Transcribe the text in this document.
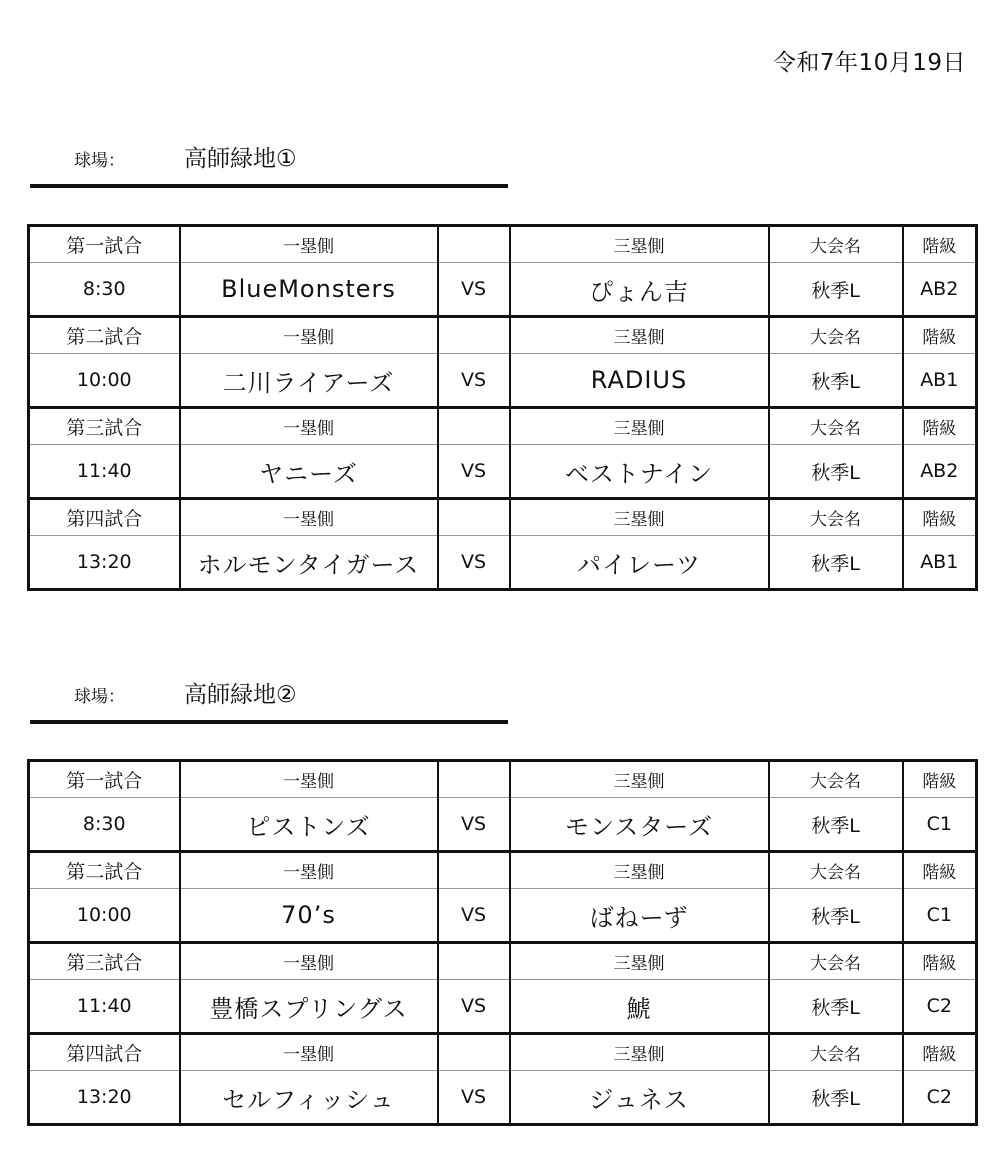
令和7年10月19日
球場：	高師緑地①
第一試合	一塁側		三塁側	大会名	階級
8:30	BlueMonsters	VS	ぴょん吉	秋季L	AB2
第二試合	一塁側		三塁側	大会名	階級
10:00	二川ライアーズ	VS	RADIUS	秋季L	AB1
第三試合	一塁側		三塁側	大会名	階級
11:40	ヤニーズ	VS	ベストナイン	秋季L	AB2
第四試合	一塁側		三塁側	大会名	階級
13:20	ホルモンタイガース	VS	パイレーツ	秋季L	AB1
球場：	高師緑地②
第一試合	一塁側		三塁側	大会名	階級
8:30	ピストンズ	VS	モンスターズ	秋季L	C1
第二試合	一塁側		三塁側	大会名	階級
10:00	70’s	VS	ばねーず	秋季L	C1
第三試合	一塁側		三塁側	大会名	階級
11:40	豊橋スプリングス	VS	鯱	秋季L	C2
第四試合	一塁側		三塁側	大会名	階級
13:20	セルフィッシュ	VS	ジュネス	秋季L	C2
